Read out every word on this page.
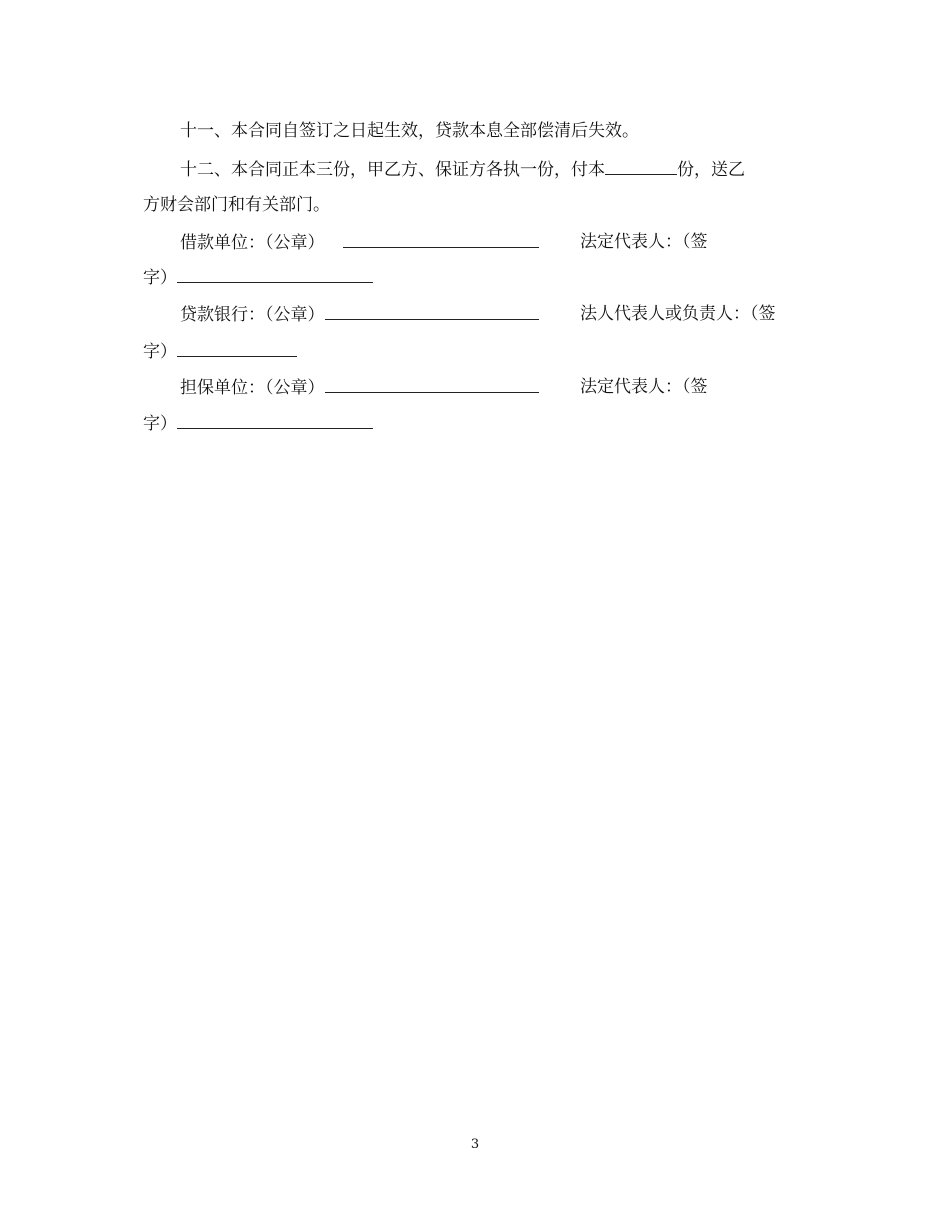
十一、本合同自签订之日起生效，贷款本息全部偿清后失效。
十二、本合同正本三份，甲乙方、保证方各执一份，付本	份，送乙
方财会部门和有关部门。
借款单位：（公章）	法定代表人：（签
字）
贷款银行：（公章）	法人代表人或负责人：（签
字）
担保单位：（公章）	法定代表人：（签
字）
3
